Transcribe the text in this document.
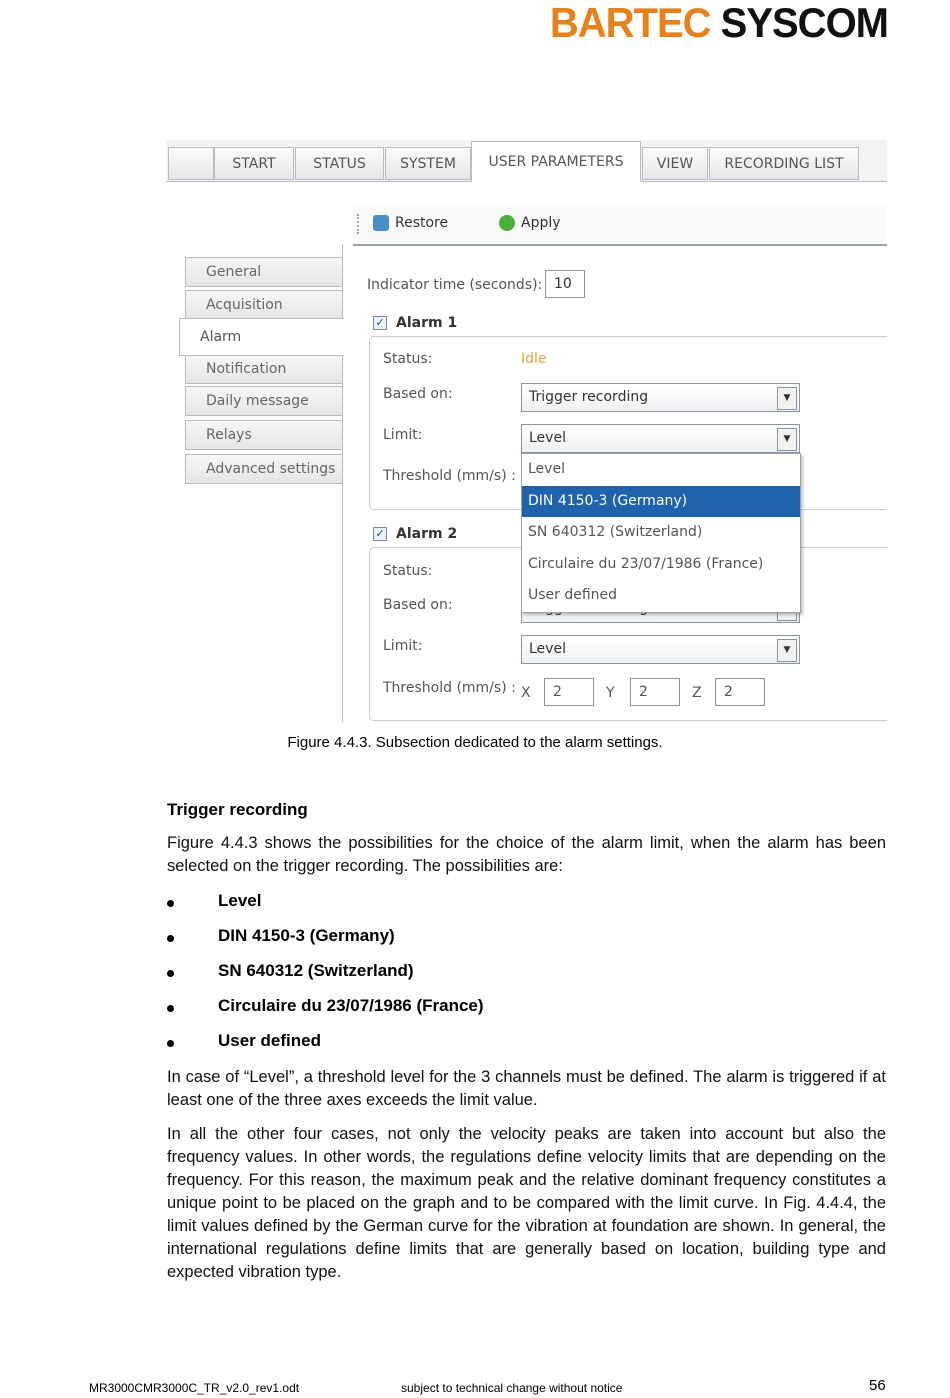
BARTEC SYSCOM
START	STATUS	SYSTEM	USER PARAMETERS	VIEW	RECORDING LIST
Restore	Apply
General
Acquisition
Alarm
Notification
Daily message
Relays
Advanced settings
Indicator time (seconds): 10
✓ Alarm 1
Status:	Idle
Based on:	Trigger recording	▼
Limit:	Level	▼
Threshold (mm/s) : Level
DIN 4150-3 (Germany)
SN 640312 (Switzerland)
Circulaire du 23/07/1986 (France)
User defined
✓ Alarm 2
Status:
Based on:
Limit:	Level	▼
Threshold (mm/s) : X	2	Y	2	Z	2
Figure 4.4.3. Subsection dedicated to the alarm settings.
Trigger recording
Figure 4.4.3 shows the possibilities for the choice of the alarm limit, when the alarm has been selected on the trigger recording. The possibilities are:
Level
DIN 4150-3 (Germany)
SN 640312 (Switzerland)
Circulaire du 23/07/1986 (France)
User defined
In case of “Level”, a threshold level for the 3 channels must be defined. The alarm is triggered if at least one of the three axes exceeds the limit value.
In all the other four cases, not only the velocity peaks are taken into account but also the frequency values. In other words, the regulations define velocity limits that are depending on the frequency. For this reason, the maximum peak and the relative dominant frequency constitutes a unique point to be placed on the graph and to be compared with the limit curve. In Fig. 4.4.4, the limit values defined by the German curve for the vibration at foundation are shown. In general, the international regulations define limits that are generally based on location, building type and expected vibration type.
MR3000CMR3000C_TR_v2.0_rev1.odt	subject to technical change without notice	56
